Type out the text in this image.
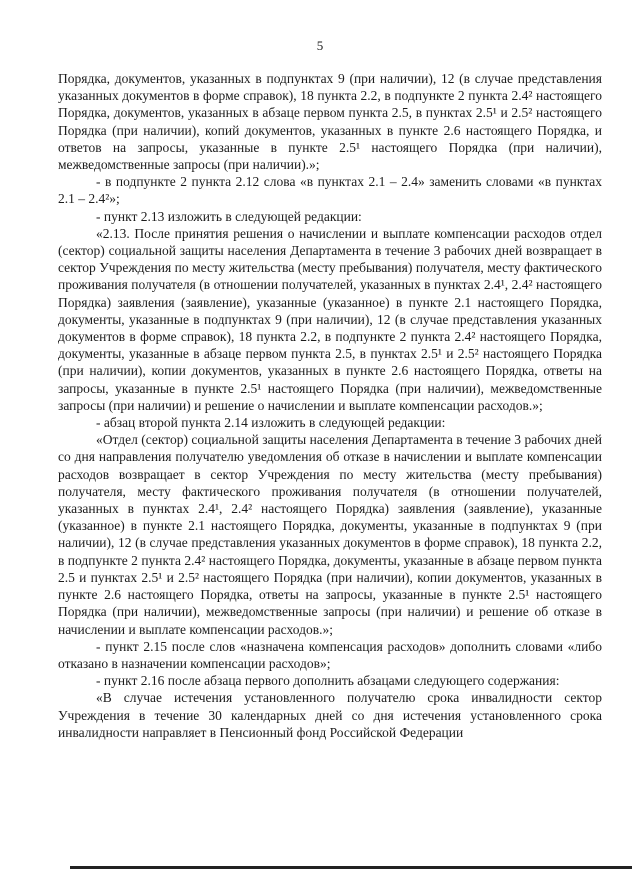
5

Порядка, документов, указанных в подпунктах 9 (при наличии), 12 (в случае представления указанных документов в форме справок), 18 пункта 2.2, в подпункте 2 пункта 2.4² настоящего Порядка, документов, указанных в абзаце первом пункта 2.5, в пунктах 2.5¹ и 2.5² настоящего Порядка (при наличии), копий документов, указанных в пункте 2.6 настоящего Порядка, и ответов на запросы, указанные в пункте 2.5¹ настоящего Порядка (при наличии), межведомственные запросы (при наличии).»;

- в подпункте 2 пункта 2.12 слова «в пунктах 2.1 – 2.4» заменить словами «в пунктах 2.1 – 2.4²»;

- пункт 2.13 изложить в следующей редакции:

«2.13. После принятия решения о начислении и выплате компенсации расходов отдел (сектор) социальной защиты населения Департамента в течение 3 рабочих дней возвращает в сектор Учреждения по месту жительства (месту пребывания) получателя, месту фактического проживания получателя (в отношении получателей, указанных в пунктах 2.4¹, 2.4² настоящего Порядка) заявления (заявление), указанные (указанное) в пункте 2.1 настоящего Порядка, документы, указанные в подпунктах 9 (при наличии), 12 (в случае представления указанных документов в форме справок), 18 пункта 2.2, в подпункте 2 пункта 2.4² настоящего Порядка, документы, указанные в абзаце первом пункта 2.5, в пунктах 2.5¹ и 2.5² настоящего Порядка (при наличии), копии документов, указанных в пункте 2.6 настоящего Порядка, ответы на запросы, указанные в пункте 2.5¹ настоящего Порядка (при наличии), межведомственные запросы (при наличии) и решение о начислении и выплате компенсации расходов.»;

- абзац второй пункта 2.14 изложить в следующей редакции:

«Отдел (сектор) социальной защиты населения Департамента в течение 3 рабочих дней со дня направления получателю уведомления об отказе в начислении и выплате компенсации расходов возвращает в сектор Учреждения по месту жительства (месту пребывания) получателя, месту фактического проживания получателя (в отношении получателей, указанных в пунктах 2.4¹, 2.4² настоящего Порядка) заявления (заявление), указанные (указанное) в пункте 2.1 настоящего Порядка, документы, указанные в подпунктах 9 (при наличии), 12 (в случае представления указанных документов в форме справок), 18 пункта 2.2, в подпункте 2 пункта 2.4² настоящего Порядка, документы, указанные в абзаце первом пункта 2.5 и пунктах 2.5¹ и 2.5² настоящего Порядка (при наличии), копии документов, указанных в пункте 2.6 настоящего Порядка, ответы на запросы, указанные в пункте 2.5¹ настоящего Порядка (при наличии), межведомственные запросы (при наличии) и решение об отказе в начислении и выплате компенсации расходов.»;

- пункт 2.15 после слов «назначена компенсация расходов» дополнить словами «либо отказано в назначении компенсации расходов»;

- пункт 2.16 после абзаца первого дополнить абзацами следующего содержания:

«В случае истечения установленного получателю срока инвалидности сектор Учреждения в течение 30 календарных дней со дня истечения установленного срока инвалидности направляет в Пенсионный фонд Российской Федерации
